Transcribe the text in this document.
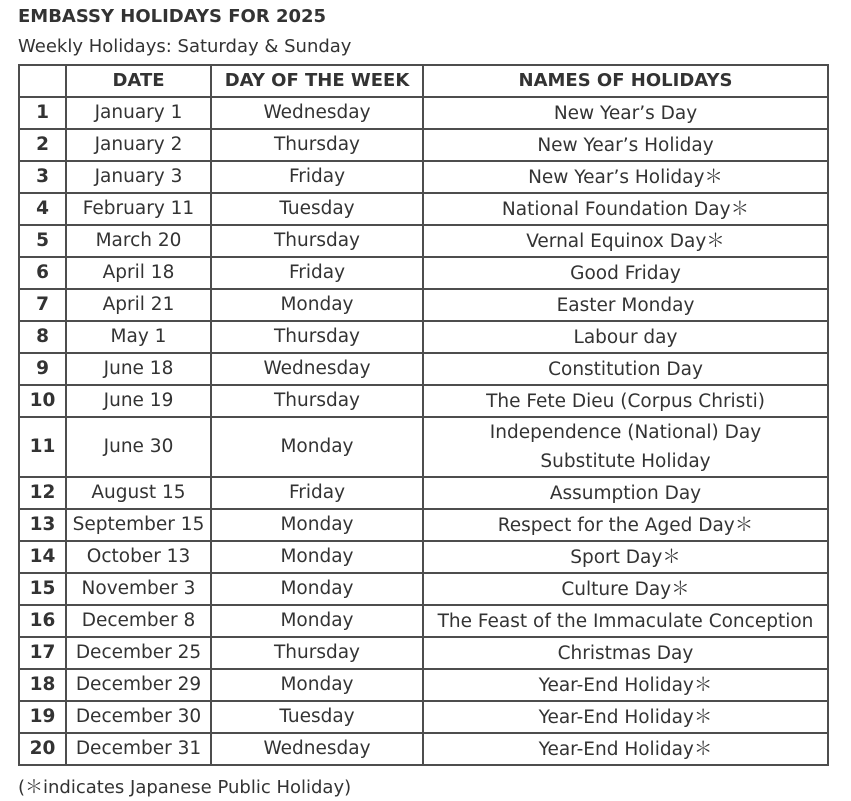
EMBASSY HOLIDAYS FOR 2025
Weekly Holidays: Saturday & Sunday
	DATE	DAY OF THE WEEK	NAMES OF HOLIDAYS
1	January 1	Wednesday	New Year’s Day

2	January 2	Thursday	New Year’s Holiday

3	January 3	Friday	New Year’s Holiday＊

4	February 11	Tuesday	National Foundation Day＊

5	March 20	Thursday	Vernal Equinox Day＊

6	April 18	Friday	Good Friday

7	April 21	Monday	Easter Monday

8	May 1	Thursday	Labour day

9	June 18	Wednesday	Constitution Day

10	June 19	Thursday	The Fete Dieu (Corpus Christi)

11	June 30	Monday	Independence (National) Day
Substitute Holiday

12	August 15	Friday	Assumption Day

13	September 15	Monday	Respect for the Aged Day＊

14	October 13	Monday	Sport Day＊

15	November 3	Monday	Culture Day＊

16	December 8	Monday	The Feast of the Immaculate Conception

17	December 25	Thursday	Christmas Day

18	December 29	Monday	Year-End Holiday＊

19	December 30	Tuesday	Year-End Holiday＊

20	December 31	Wednesday	Year-End Holiday＊
(＊indicates Japanese Public Holiday)
